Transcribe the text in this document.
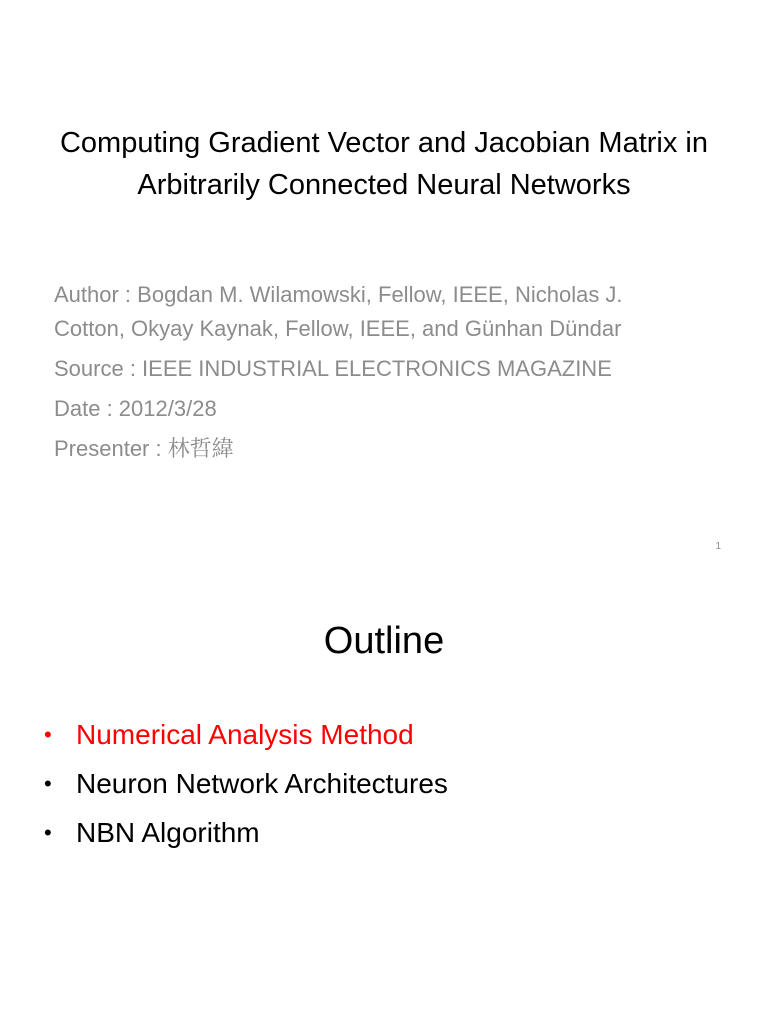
Computing Gradient Vector and Jacobian Matrix in
Arbitrarily Connected Neural Networks
Author : Bogdan M. Wilamowski, Fellow, IEEE, Nicholas J.
Cotton, Okyay Kaynak, Fellow, IEEE, and Günhan Dündar
Source : IEEE INDUSTRIAL ELECTRONICS MAGAZINE
Date : 2012/3/28
Presenter : 林哲緯
1
Outline
• Numerical Analysis Method
• Neuron Network Architectures
• NBN Algorithm
